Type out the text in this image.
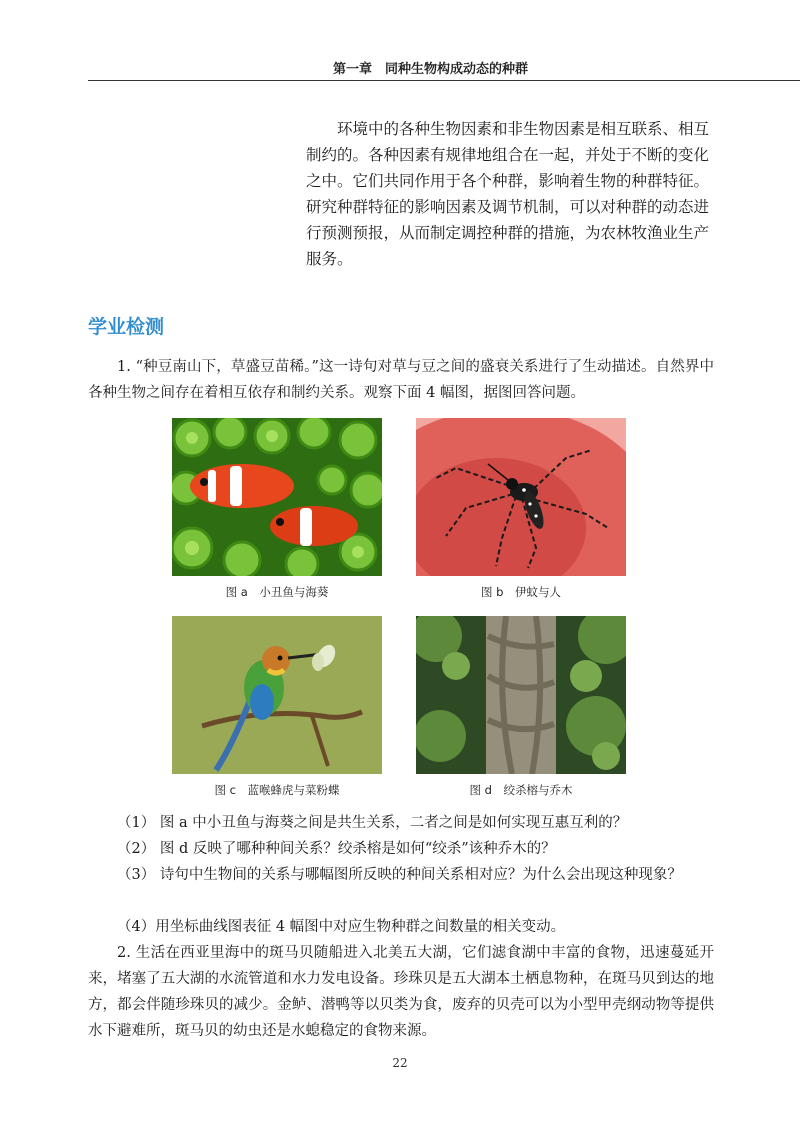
第一章　同种生物构成动态的种群

环境中的各种生物因素和非生物因素是相互联系、相互制约的。各种因素有规律地组合在一起，并处于不断的变化之中。它们共同作用于各个种群，影响着生物的种群特征。研究种群特征的影响因素及调节机制，可以对种群的动态进行预测预报，从而制定调控种群的措施，为农林牧渔业生产服务。

学业检测

1. “种豆南山下，草盛豆苗稀。”这一诗句对草与豆之间的盛衰关系进行了生动描述。自然界中各种生物之间存在着相互依存和制约关系。观察下面 4 幅图，据图回答问题。

图 a　小丑鱼与海葵	图 b　伊蚊与人
图 c　蓝喉蜂虎与菜粉蝶	图 d　绞杀榕与乔木

（1） 图 a 中小丑鱼与海葵之间是共生关系，二者之间是如何实现互惠互利的？

（2） 图 d 反映了哪种种间关系？绞杀榕是如何“绞杀”该种乔木的？

（3） 诗句中生物间的关系与哪幅图所反映的种间关系相对应？为什么会出现这种现象？

（4）用坐标曲线图表征 4 幅图中对应生物种群之间数量的相关变动。

2. 生活在西亚里海中的斑马贝随船进入北美五大湖，它们滤食湖中丰富的食物，迅速蔓延开来，堵塞了五大湖的水流管道和水力发电设备。珍珠贝是五大湖本土栖息物种，在斑马贝到达的地方，都会伴随珍珠贝的减少。金鲈、潜鸭等以贝类为食，废弃的贝壳可以为小型甲壳纲动物等提供水下避难所，斑马贝的幼虫还是水螅稳定的食物来源。

22
